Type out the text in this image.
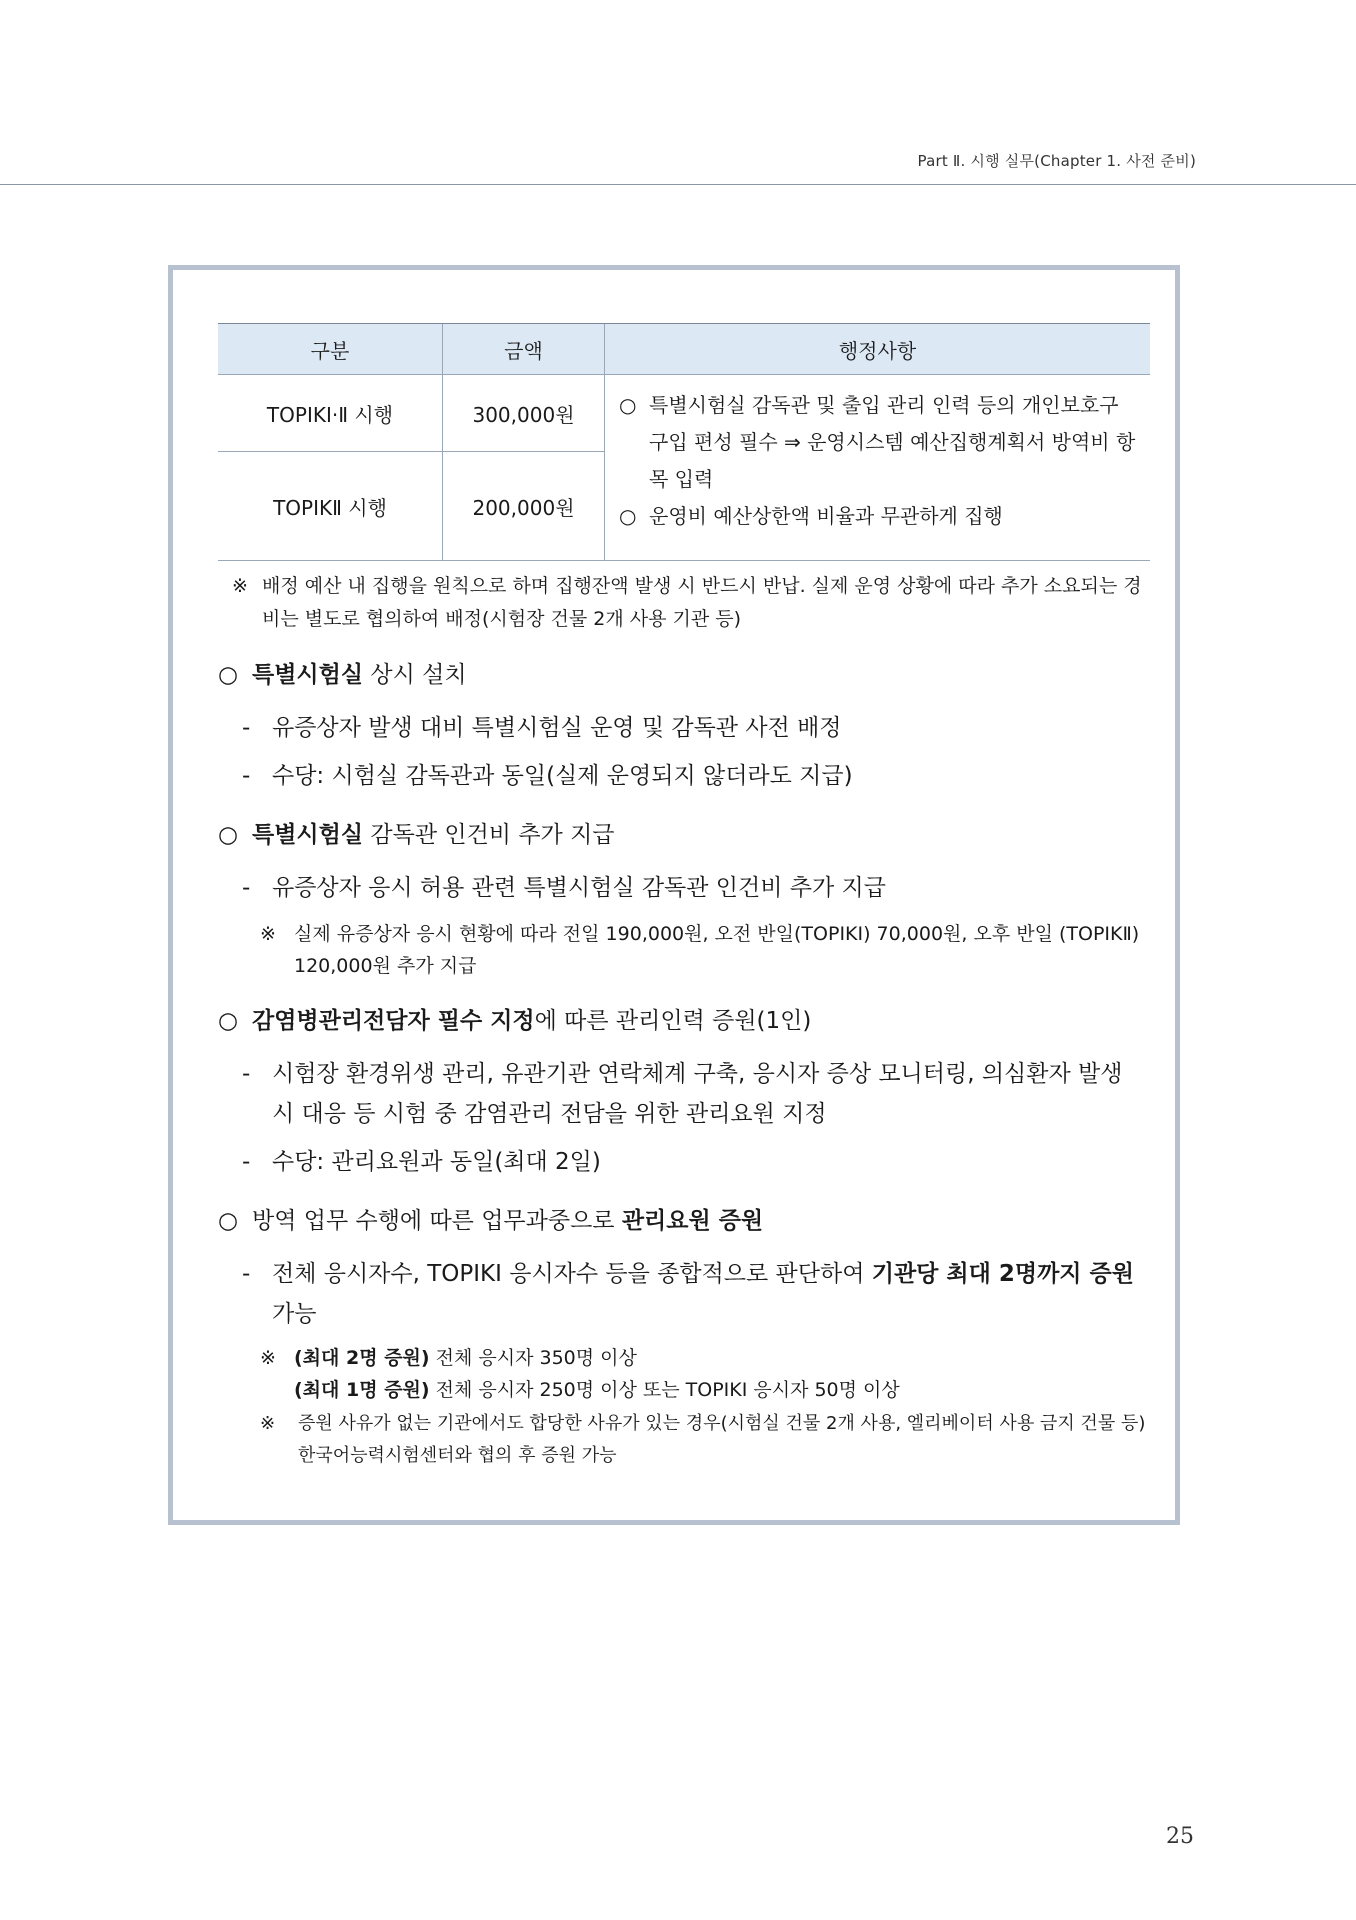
Part Ⅱ. 시행 실무(Chapter 1. 사전 준비)
구분	금액	행정사항
TOPIKⅠ·Ⅱ 시행	300,000원	○ 특별시험실 감독관 및 출입 관리 인력 등의 개인보호구 구입 편성 필수 ⇒ 운영시스템 예산집행계획서 방역비 항목 입력
○ 운영비 예산상한액 비율과 무관하게 집행

TOPIKⅡ 시행	200,000원	
※ 배정 예산 내 집행을 원칙으로 하며 집행잔액 발생 시 반드시 반납. 실제 운영 상황에 따라 추가 소요되는 경비는 별도로 협의하여 배정(시험장 건물 2개 사용 기관 등)
○ 특별시험실 상시 설치
- 유증상자 발생 대비 특별시험실 운영 및 감독관 사전 배정
- 수당: 시험실 감독관과 동일(실제 운영되지 않더라도 지급)
○ 특별시험실 감독관 인건비 추가 지급
- 유증상자 응시 허용 관련 특별시험실 감독관 인건비 추가 지급
※ 실제 유증상자 응시 현황에 따라 전일 190,000원, 오전 반일(TOPIKⅠ) 70,000원, 오후 반일 (TOPIKⅡ) 120,000원 추가 지급
○ 감염병관리전담자 필수 지정에 따른 관리인력 증원(1인)
- 시험장 환경위생 관리, 유관기관 연락체계 구축, 응시자 증상 모니터링, 의심환자 발생 시 대응 등 시험 중 감염관리 전담을 위한 관리요원 지정
- 수당: 관리요원과 동일(최대 2일)
○ 방역 업무 수행에 따른 업무과중으로 관리요원 증원
- 전체 응시자수, TOPIKⅠ 응시자수 등을 종합적으로 판단하여 기관당 최대 2명까지 증원 가능
※ (최대 2명 증원) 전체 응시자 350명 이상
(최대 1명 증원) 전체 응시자 250명 이상 또는 TOPIKⅠ 응시자 50명 이상
※	증원 사유가 없는 기관에서도 합당한 사유가 있는 경우(시험실 건물 2개 사용, 엘리베이터 사용 금지 건물 등) 한국어능력시험센터와 협의 후 증원 가능
25
